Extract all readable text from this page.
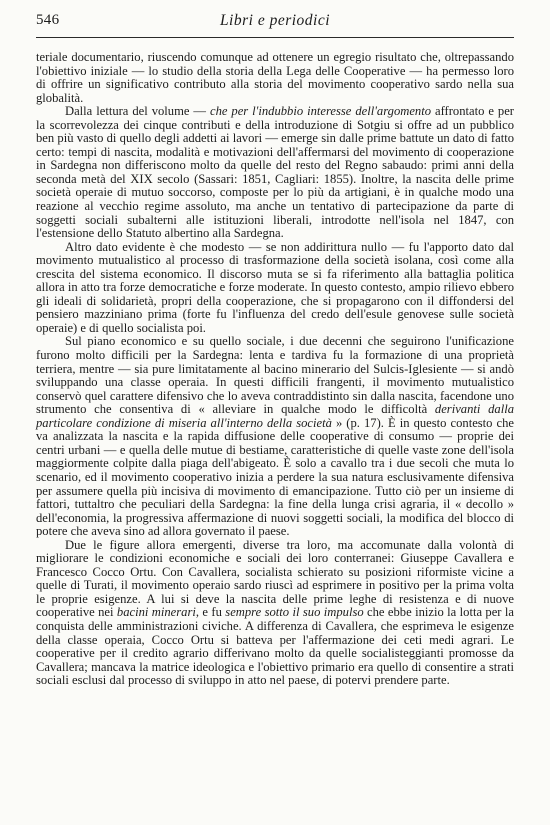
546	Libri e periodici

teriale documentario, riuscendo comunque ad ottenere un egregio risultato che, oltrepassando l'obiettivo iniziale — lo studio della storia della Lega delle Cooperative — ha permesso loro di offrire un significativo contributo alla storia del movimento cooperativo sardo nella sua globalità.

Dalla lettura del volume — che per l'indubbio interesse dell'argomento affrontato e per la scorrevolezza dei cinque contributi e della introduzione di Sotgiu si offre ad un pubblico ben più vasto di quello degli addetti ai lavori — emerge sin dalle prime battute un dato di fatto certo: tempi di nascita, modalità e motivazioni dell'affermarsi del movimento di cooperazione in Sardegna non differiscono molto da quelle del resto del Regno sabaudo: primi anni della seconda metà del XIX secolo (Sassari: 1851, Cagliari: 1855). Inoltre, la nascita delle prime società operaie di mutuo soccorso, composte per lo più da artigiani, è in qualche modo una reazione al vecchio regime assoluto, ma anche un tentativo di partecipazione da parte di soggetti sociali subalterni alle istituzioni liberali, introdotte nell'isola nel 1847, con l'estensione dello Statuto albertino alla Sardegna.

Altro dato evidente è che modesto — se non addirittura nullo — fu l'apporto dato dal movimento mutualistico al processo di trasformazione della società isolana, così come alla crescita del sistema economico. Il discorso muta se si fa riferimento alla battaglia politica allora in atto tra forze democratiche e forze moderate. In questo contesto, ampio rilievo ebbero gli ideali di solidarietà, propri della cooperazione, che si propagarono con il diffondersi del pensiero mazziniano prima (forte fu l'influenza del credo dell'esule genovese sulle società operaie) e di quello socialista poi.

Sul piano economico e su quello sociale, i due decenni che seguirono l'unificazione furono molto difficili per la Sardegna: lenta e tardiva fu la formazione di una proprietà terriera, mentre — sia pure limitatamente al bacino minerario del Sulcis-Iglesiente — si andò sviluppando una classe operaia. In questi difficili frangenti, il movimento mutualistico conservò quel carattere difensivo che lo aveva contraddistinto sin dalla nascita, facendone uno strumento che consentiva di « alleviare in qualche modo le difficoltà derivanti dalla particolare condizione di miseria all'interno della società » (p. 17). È in questo contesto che va analizzata la nascita e la rapida diffusione delle cooperative di consumo — proprie dei centri urbani — e quella delle mutue di bestiame, caratteristiche di quelle vaste zone dell'isola maggiormente colpite dalla piaga dell'abigeato. È solo a cavallo tra i due secoli che muta lo scenario, ed il movimento cooperativo inizia a perdere la sua natura esclusivamente difensiva per assumere quella più incisiva di movimento di emancipazione. Tutto ciò per un insieme di fattori, tuttaltro che peculiari della Sardegna: la fine della lunga crisi agraria, il « decollo » dell'economia, la progressiva affermazione di nuovi soggetti sociali, la modifica del blocco di potere che aveva sino ad allora governato il paese.

Due le figure allora emergenti, diverse tra loro, ma accomunate dalla volontà di migliorare le condizioni economiche e sociali dei loro conterranei: Giuseppe Cavallera e Francesco Cocco Ortu. Con Cavallera, socialista schierato su posizioni riformiste vicine a quelle di Turati, il movimento operaio sardo riuscì ad esprimere in positivo per la prima volta le proprie esigenze. A lui si deve la nascita delle prime leghe di resistenza e di nuove cooperative nei bacini minerari, e fu sempre sotto il suo impulso che ebbe inizio la lotta per la conquista delle amministrazioni civiche. A differenza di Cavallera, che esprimeva le esigenze della classe operaia, Cocco Ortu si batteva per l'affermazione dei ceti medi agrari. Le cooperative per il credito agrario differivano molto da quelle socialisteggianti promosse da Cavallera; mancava la matrice ideologica e l'obiettivo primario era quello di consentire a strati sociali esclusi dal processo di sviluppo in atto nel paese, di potervi prendere parte.
